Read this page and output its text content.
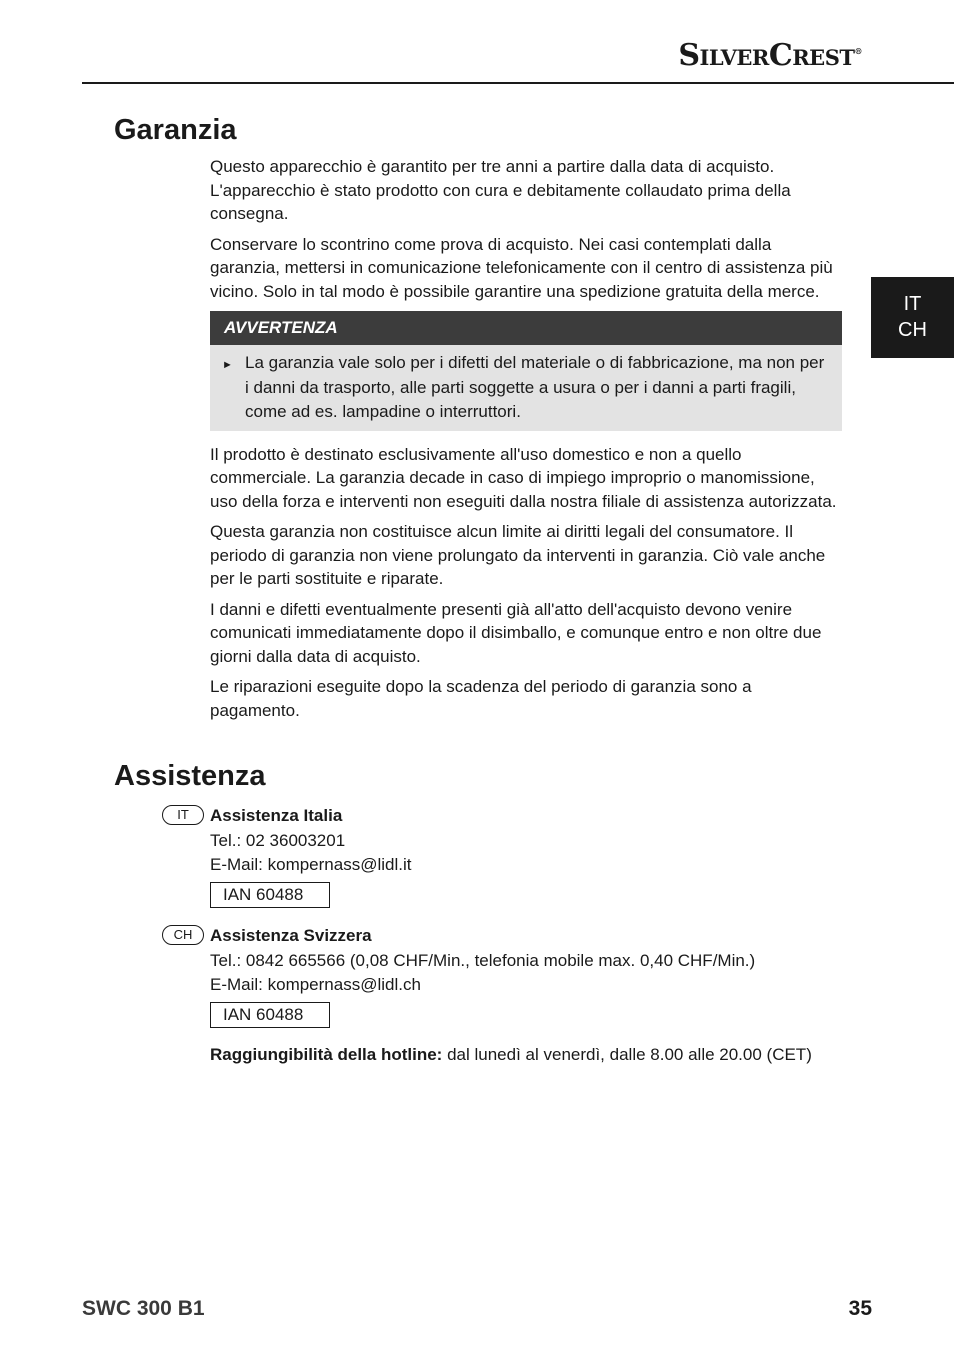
SilverCrest®
IT
CH
Garanzia

Questo apparecchio è garantito per tre anni a partire dalla data di acquisto. L'apparecchio è stato prodotto con cura e debitamente collaudato prima della consegna.

Conservare lo scontrino come prova di acquisto. Nei casi contemplati dalla garanzia, mettersi in comunicazione telefonicamente con il centro di assistenza più vicino. Solo in tal modo è possibile garantire una spedizione gratuita della merce.

AVVERTENZA
► La garanzia vale solo per i difetti del materiale o di fabbricazione, ma non per i danni da trasporto, alle parti soggette a usura o per i danni a parti fragili, come ad es. lampadine o interruttori.

Il prodotto è destinato esclusivamente all'uso domestico e non a quello commerciale. La garanzia decade in caso di impiego improprio o manomissione, uso della forza e interventi non eseguiti dalla nostra filiale di assistenza autorizzata.

Questa garanzia non costituisce alcun limite ai diritti legali del consumatore. Il periodo di garanzia non viene prolungato da interventi in garanzia. Ciò vale anche per le parti sostituite e riparate.

I danni e difetti eventualmente presenti già all'atto dell'acquisto devono venire comunicati immediatamente dopo il disimballo, e comunque entro e non oltre due giorni dalla data di acquisto.

Le riparazioni eseguite dopo la scadenza del periodo di garanzia sono a pagamento.

Assistenza
IT	Assistenza Italia
Tel.: 02 36003201
E-Mail: kompernass@lidl.it
IAN 60488
CH	Assistenza Svizzera
Tel.: 0842 665566 (0,08 CHF/Min., telefonia mobile max. 0,40 CHF/Min.)
E-Mail: kompernass@lidl.ch
IAN 60488
Raggiungibilità della hotline: dal lunedì al venerdì, dalle 8.00 alle 20.00 (CET)
SWC 300 B1	35
